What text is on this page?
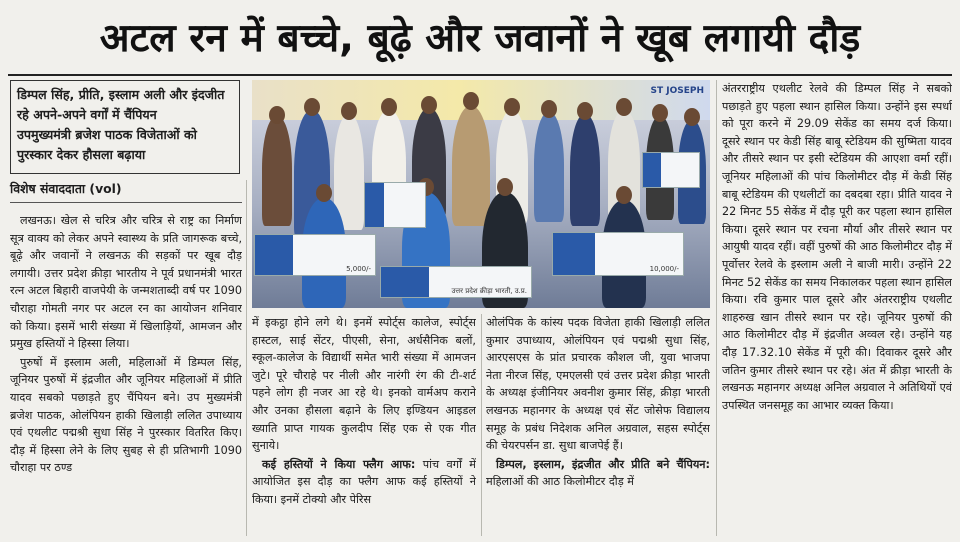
अटल रन में बच्चे, बूढ़े और जवानों ने खूब लगायी दौड़
डिम्पल सिंह, प्रीति, इस्लाम अली और इंदजीत रहे अपने-अपने वर्गों में चैंपियन
उपमुख्यमंत्री ब्रजेश पाठक विजेताओं को पुरस्कार देकर हौसला बढ़ाया
विशेष संवाददाता (vol)

लखनऊ। खेल से चरित्र और चरित्र से राष्ट्र का निर्माण सूत्र वाक्य को लेकर अपने स्वास्थ्य के प्रति जागरूक बच्चे, बूढ़े और जवानों ने लखनऊ की सड़कों पर खूब दौड़ लगायी। उत्तर प्रदेश क्रीड़ा भारतीय ने पूर्व प्रधानमंत्री भारत रत्न अटल बिहारी वाजपेयी के जन्मशताब्दी वर्ष पर 1090 चौराहा गोमती नगर पर अटल रन का आयोजन शनिवार को किया। इसमें भारी संख्या में खिलाड़ियों, आमजन और प्रमुख हस्तियों ने हिस्सा लिया।

पुरुषों में इस्लाम अली, महिलाओं में डिम्पल सिंह, जूनियर पुरुषों में इंद्रजीत और जूनियर महिलाओं में प्रीति यादव सबको पछाड़ते हुए चैंपियन बने। उप मुख्यमंत्री ब्रजेश पाठक, ओलंपियन हाकी खिलाड़ी ललित उपाध्याय एवं एथलीट पद्मश्री सुधा सिंह ने पुरस्कार वितरित किए। दौड़ में हिस्सा लेने के लिए सुबह से ही प्रतिभागी 1090 चौराहा पर ठण्ड

ST JOSEPH
5,000/-
उत्तर प्रदेश क्रीड़ा भारती, उ.प्र.
10,000/-

में इकट्ठा होने लगे थे। इनमें स्पोर्ट्स कालेज, स्पोर्ट्स हास्टल, साई सेंटर, पीएसी, सेना, अर्धसैनिक बलों, स्कूल-कालेज के विद्यार्थी समेत भारी संख्या में आमजन जुटे। पूरे चौराहे पर नीली और नारंगी रंग की टी-शर्ट पहने लोग ही नजर आ रहे थे। इनको वार्मअप कराने और उनका हौसला बढ़ाने के लिए इण्डियन आइडल ख्याति प्राप्त गायक कुलदीप सिंह एक से एक गीत सुनाये।

कई हस्तियों ने किया फ्लैग आफ: पांच वर्गों में आयोजित इस दौड़ का फ्लैग आफ कई हस्तियों ने किया। इनमें टोक्यो और पेरिस

ओलंपिक के कांस्य पदक विजेता हाकी खिलाड़ी ललित कुमार उपाध्याय, ओलंपियन एवं पद्मश्री सुधा सिंह, आरएसएस के प्रांत प्रचारक कौशल जी, युवा भाजपा नेता नीरज सिंह, एमएलसी एवं उत्तर प्रदेश क्रीड़ा भारती के अध्यक्ष इंजीनियर अवनीश कुमार सिंह, क्रीड़ा भारती लखनऊ महानगर के अध्यक्ष एवं सेंट जोसेफ विद्यालय समूह के प्रबंध निदेशक अनिल अग्रवाल, सहस स्पोर्ट्स की चेयरपर्सन डा. सुधा बाजपेई हैं।

डिम्पल, इस्लाम, इंद्रजीत और प्रीति बने चैंपियन: महिलाओं की आठ किलोमीटर दौड़ में

अंतरराष्ट्रीय एथलीट रेलवे की डिम्पल सिंह ने सबको पछाड़ते हुए पहला स्थान हासिल किया। उन्होंने इस स्पर्धा को पूरा करने में 29.09 सेकेंड का समय दर्ज किया। दूसरे स्थान पर केडी सिंह बाबू स्टेडियम की सुष्मिता यादव और तीसरे स्थान पर इसी स्टेडियम की आएशा वर्मा रहीं। जूनियर महिलाओं की पांच किलोमीटर दौड़ में केडी सिंह बाबू स्टेडियम की एथलीटों का दबदबा रहा। प्रीति यादव ने 22 मिनट 55 सेकेंड में दौड़ पूरी कर पहला स्थान हासिल किया। दूसरे स्थान पर रचना मौर्या और तीसरे स्थान पर आयुषी यादव रहीं। वहीं पुरुषों की आठ किलोमीटर दौड़ में पूर्वोत्तर रेलवे के इस्लाम अली ने बाजी मारी। उन्होंने 22 मिनट 52 सेकेंड का समय निकालकर पहला स्थान हासिल किया। रवि कुमार पाल दूसरे और अंतरराष्ट्रीय एथलीट शाहरुख खान तीसरे स्थान पर रहे। जूनियर पुरुषों की आठ किलोमीटर दौड़ में इंद्रजीत अव्वल रहे। उन्होंने यह दौड़ 17.32.10 सेकेंड में पूरी की। दिवाकर दूसरे और जतिन कुमार तीसरे स्थान पर रहे। अंत में क्रीड़ा भारती के लखनऊ महानगर अध्यक्ष अनिल अग्रवाल ने अतिथियों एवं उपस्थित जनसमूह का आभार व्यक्त किया।
